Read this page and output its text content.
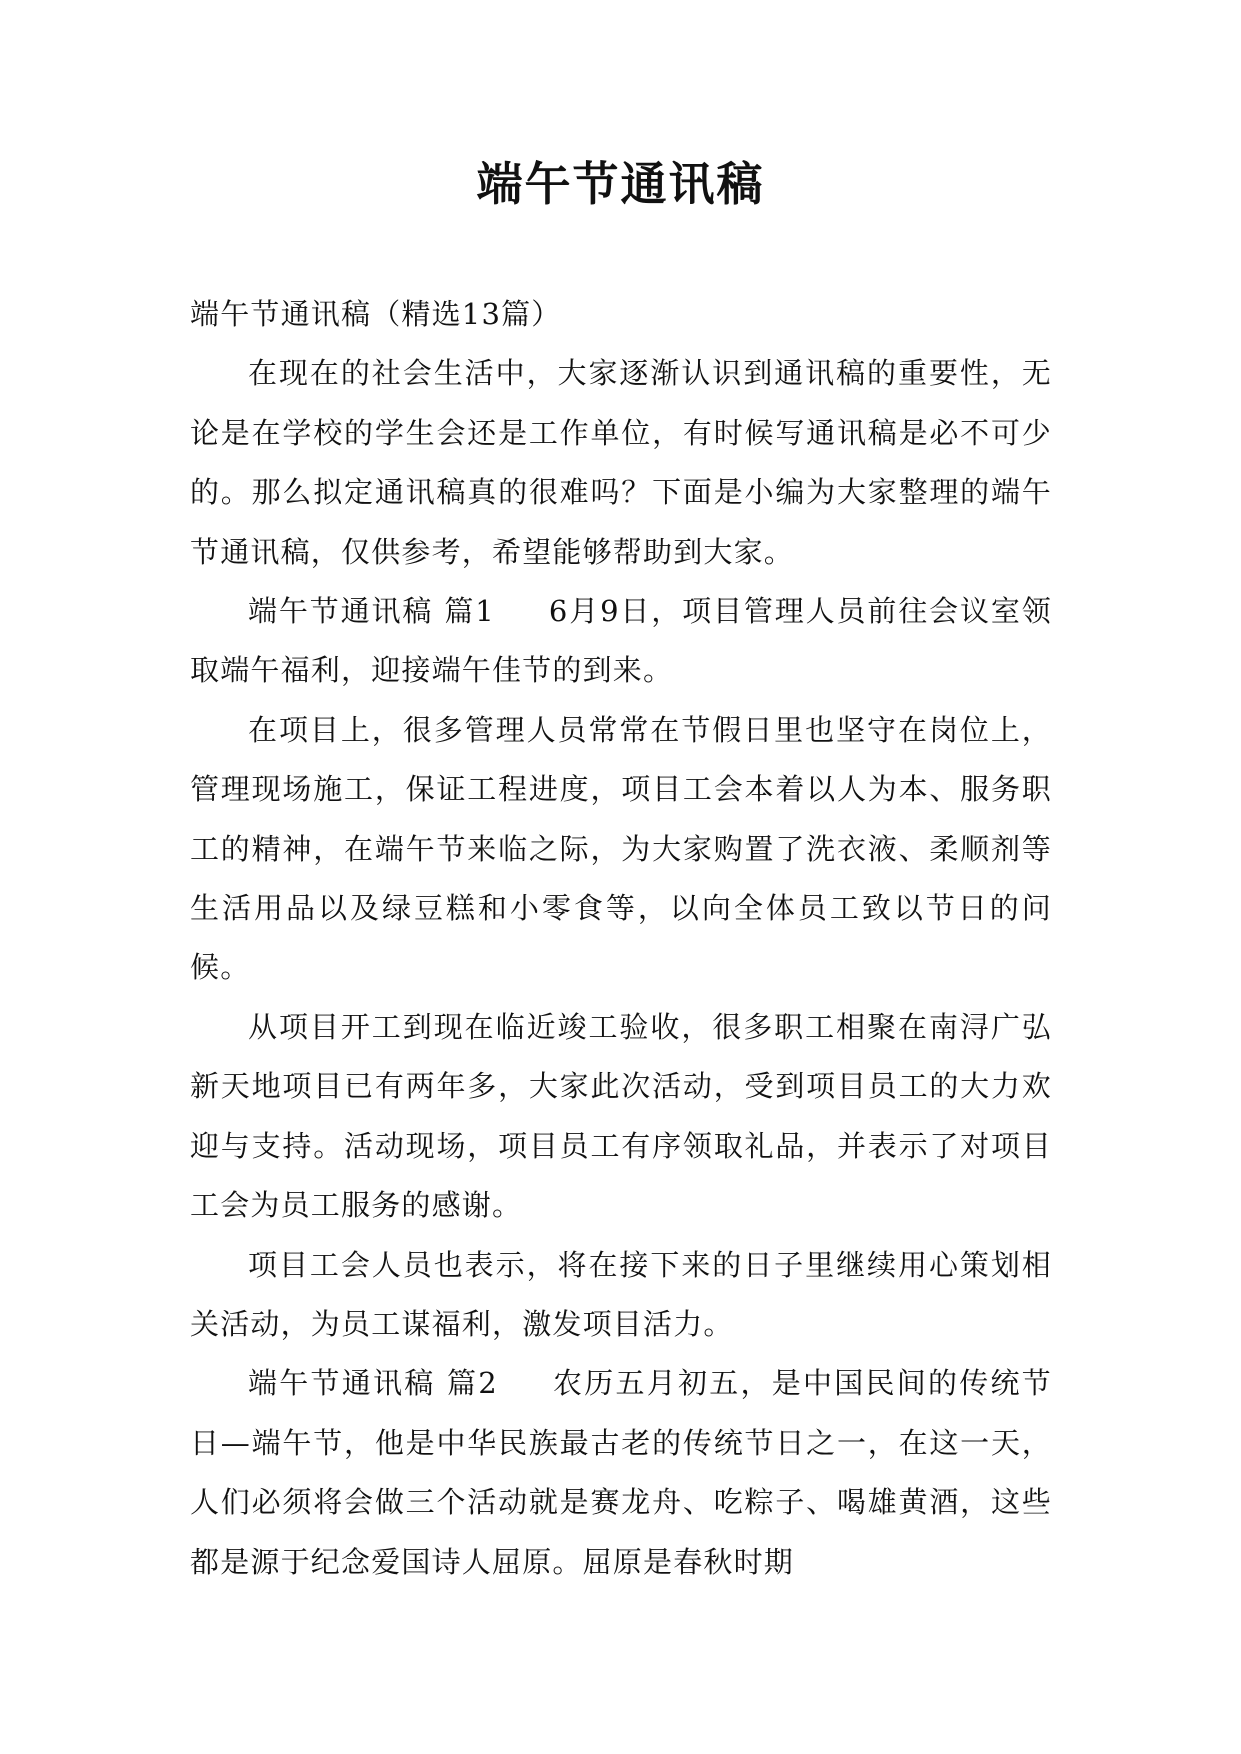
端午节通讯稿

端午节通讯稿（精选13篇）

在现在的社会生活中，大家逐渐认识到通讯稿的重要性，无论是在学校的学生会还是工作单位，有时候写通讯稿是必不可少的。那么拟定通讯稿真的很难吗？下面是小编为大家整理的端午节通讯稿，仅供参考，希望能够帮助到大家。

端午节通讯稿 篇1 6月9日，项目管理人员前往会议室领取端午福利，迎接端午佳节的到来。

在项目上，很多管理人员常常在节假日里也坚守在岗位上，管理现场施工，保证工程进度，项目工会本着以人为本、服务职工的精神，在端午节来临之际，为大家购置了洗衣液、柔顺剂等生活用品以及绿豆糕和小零食等，以向全体员工致以节日的问候。

从项目开工到现在临近竣工验收，很多职工相聚在南浔广弘新天地项目已有两年多，大家此次活动，受到项目员工的大力欢迎与支持。活动现场，项目员工有序领取礼品，并表示了对项目工会为员工服务的感谢。

项目工会人员也表示，将在接下来的日子里继续用心策划相关活动，为员工谋福利，激发项目活力。

端午节通讯稿 篇2 农历五月初五，是中国民间的传统节日—端午节，他是中华民族最古老的传统节日之一，在这一天，人们必须将会做三个活动就是赛龙舟、吃粽子、喝雄黄酒，这些都是源于纪念爱国诗人屈原。屈原是春秋时期
